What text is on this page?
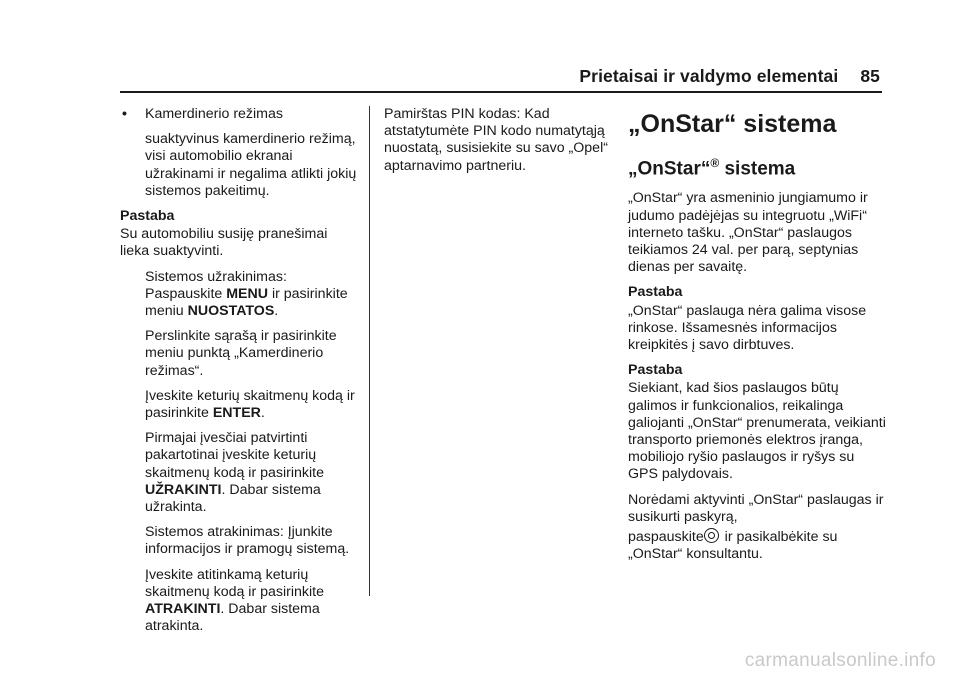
Prietaisai ir valdymo elementai 85

• Kamerdinerio režimas

suaktyvinus kamerdinerio režimą, visi automobilio ekranai užrakinami ir negalima atlikti jokių sistemos pakeitimų.

Pastaba

Su automobiliu susiję pranešimai lieka suaktyvinti.

Sistemos užrakinimas: Paspauskite MENU ir pasirinkite meniu NUOSTATOS.

Perslinkite sąrašą ir pasirinkite meniu punktą „Kamerdinerio režimas“.

Įveskite keturių skaitmenų kodą ir pasirinkite ENTER.

Pirmajai įvesčiai patvirtinti pakartotinai įveskite keturių skaitmenų kodą ir pasirinkite UŽRAKINTI. Dabar sistema užrakinta.

Sistemos atrakinimas: Įjunkite informacijos ir pramogų sistemą.

Įveskite atitinkamą keturių skaitmenų kodą ir pasirinkite ATRAKINTI. Dabar sistema atrakinta.

Pamirštas PIN kodas: Kad atstatytumėte PIN kodo numatytąją nuostatą, susisiekite su savo „Opel“ aptarnavimo partneriu.

„OnStar“ sistema
„OnStar“® sistema

„OnStar“ yra asmeninio jungiamumo ir judumo padėjėjas su integruotu „WiFi“ interneto tašku. „OnStar“ paslaugos teikiamos 24 val. per parą, septynias dienas per savaitę.

Pastaba

„OnStar“ paslauga nėra galima visose rinkose. Išsamesnės informacijos kreipkitės į savo dirbtuves.

Pastaba

Siekiant, kad šios paslaugos būtų galimos ir funkcionalios, reikalinga galiojanti „OnStar“ prenumerata, veikianti transporto priemonės elektros įranga, mobiliojo ryšio paslaugos ir ryšys su GPS palydovais.

Norėdami aktyvinti „OnStar“ paslaugas ir susikurti paskyrą,

paspauskite ir pasikalbėkite su „OnStar“ konsultantu.

carmanualsonline.info
